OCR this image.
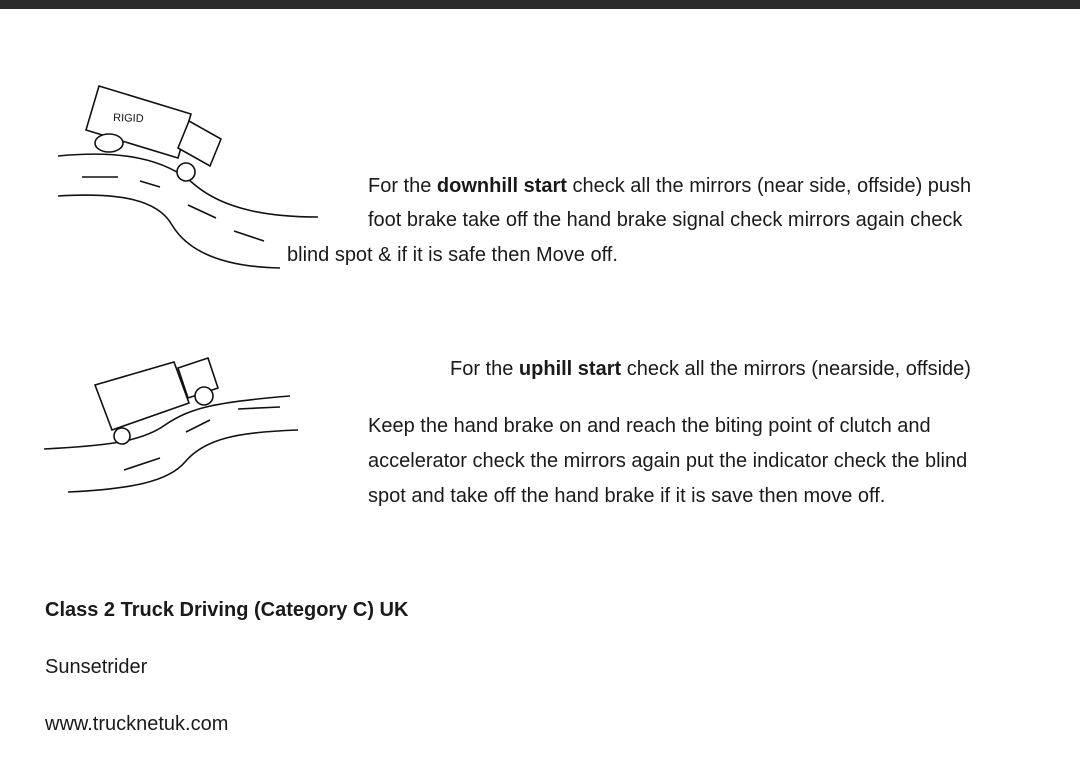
RIGID
For the downhill start check all the mirrors (near side, offside) push
foot brake take off the hand brake signal check mirrors again check
blind spot & if it is safe then Move off.
For the uphill start check all the mirrors (nearside, offside)
Keep the hand brake on and reach the biting point of clutch and
accelerator check the mirrors again put the indicator check the blind
spot and take off the hand brake if it is save then move off.
Class 2 Truck Driving (Category C) UK
Sunsetrider
www.trucknetuk.com
